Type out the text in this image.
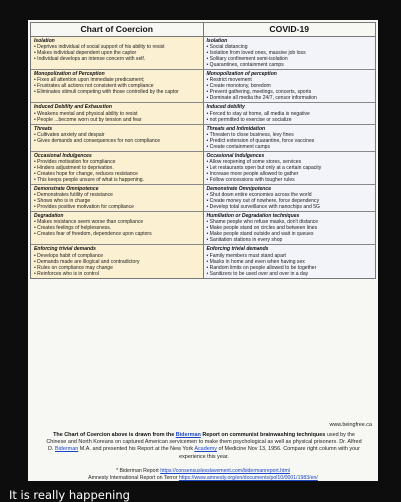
Chart of Coercion	COVID-19
Isolation
• Deprives individual of social support of his ability to resist
• Makes individual dependent upon the captor
• Individual develops an intense concern with self.
Isolation
• Social distancing
• Isolation from loved ones, massive job loss
• Solitary confinement semi-isolation
• Quarantines, containment camps
Monopolization of Perception
• Fixes all attention upon immediate predicament;
• Frustrates all actions not consistent with compliance
• Eliminates stimuli competing with those controlled by the captor
Monopolization of perception
• Restrict movement
• Create monotony, boredom
• Prevent gathering, meetings, concerts, sports
• Dominate all media the 24/7, censor information
Induced Debility and Exhaustion
• Weakens mental and physical ability to resist
• People ...become worn out by tension and fear
Induced debility
• Forced to stay at home, all media is negative
• not permitted to exercise or socialize
Threats
• Cultivates anxiety and despair
• Gives demands and consequences for non compliance
Threats and Intimidation
• Threaten to close business, levy fines
• Predict extension of quarantine, force vaccines
• Create containment camps
Occasional Indulgences
• Provides motivation for compliance
• Hinders adjustment to deprivation.
• Creates hope for change, reduces resistance
• This keeps people unsure of what is happening.
Occasional Indulgences
• Allow reopening of some stores, services
• Let restaurants open but only at a certain capacity
• Increase more people allowed to gather
• Follow concessions with tougher rules
Demonstrate Omnipotence
• Demonstrates futility of resistance
• Shows who is in charge
• Provides positive motivation for compliance
Demonstrate Omnipotence
• Shut down entire economies across the world
• Create money out of nowhere, force dependency
• Develop total surveillance with nanochips and 5G
Degradation
• Makes resistance seem worse than compliance
• Creates feelings of helplessness.
• Creates fear of freedom, dependence upon captors
Humiliation or Degradation techniques
• Shame people who refuse masks, don't distance
• Make people stand on circles and between lines
• Make people stand outside and wait in queues
• Sanitation stations in every shop
Enforcing trivial demands
• Develops habit of compliance
• Demands made are illogical and contradictory
• Rules on compliance may change
• Reinforces who is in control
Enforcing trivial demands
• Family members must stand apart
• Masks in home and even when having sex
• Random limits on people allowed to be together
• Sanitizers to be used over and over in a day
www.beingfree.ca
The Chart of Coercion above is drawn from the Biderman Report on communist brainwashing techniques used by the Chinese and North Koreans on captured American servicemen to make them psychological as well as physical prisoners. Dr. Alfred D. Biderman M.A. and presented his Report at the New York Academy of Medicine Nov 13, 1956. Compare right column with your experience this year.
* Biderman Report https://consensuslesslavement.com/bidermanreport.html
Amnesty International Report on Terror https://www.amnesty.org/en/documents/pol10/0001/1983/en/
It is really happening
